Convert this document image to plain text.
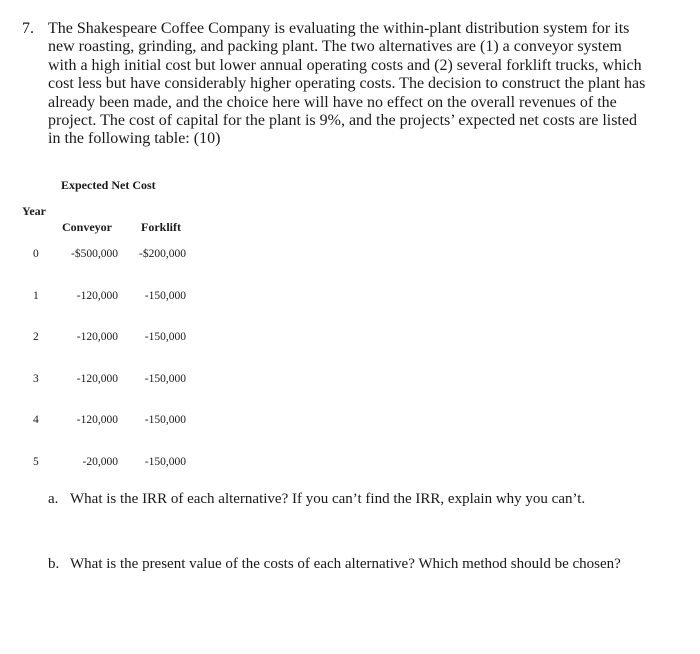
7. The Shakespeare Coffee Company is evaluating the within-plant distribution system for its
new roasting, grinding, and packing plant. The two alternatives are (1) a conveyor system
with a high initial cost but lower annual operating costs and (2) several forklift trucks, which
cost less but have considerably higher operating costs. The decision to construct the plant has
already been made, and the choice here will have no effect on the overall revenues of the
project. The cost of capital for the plant is 9%, and the projects’ expected net costs are listed
in the following table: (10)
Expected Net Cost
Year
Conveyor Forklift
0	-$500,000	-$200,000
1	-120,000	-150,000
2	-120,000	-150,000
3	-120,000	-150,000
4	-120,000	-150,000
5	-20,000	-150,000
a. What is the IRR of each alternative? If you can’t find the IRR, explain why you can’t.
b. What is the present value of the costs of each alternative? Which method should be chosen?
